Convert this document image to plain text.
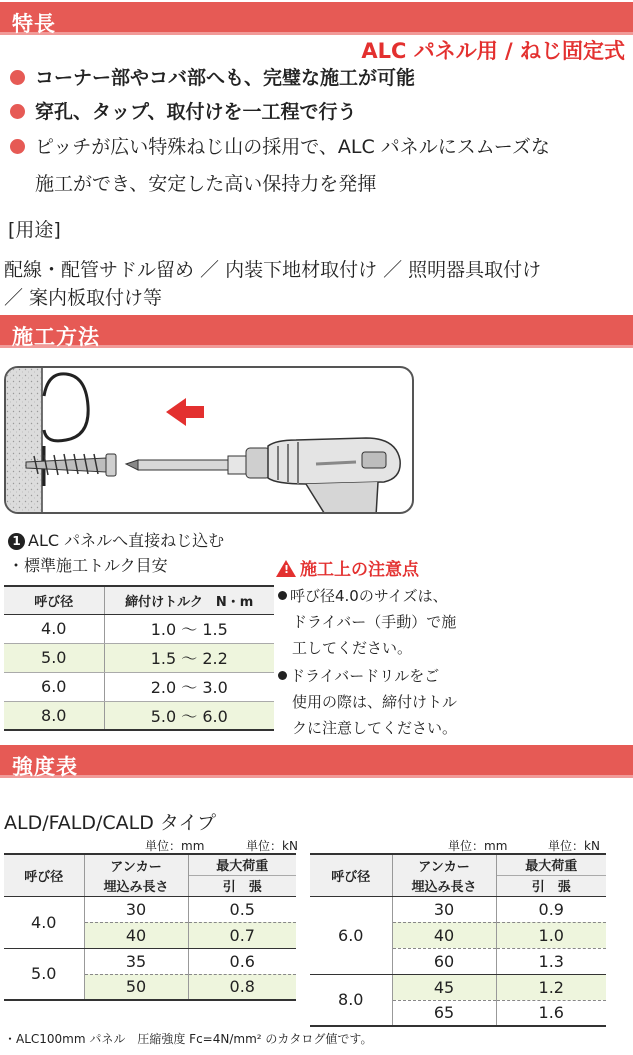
特長
ALC パネル用 / ねじ固定式
コーナー部やコバ部へも、完璧な施工が可能
穿孔、タップ、取付けを一工程で行う
ピッチが広い特殊ねじ山の採用で、ALC パネルにスムーズな
施工ができ、安定した高い保持力を発揮
[用途]
配線・配管サドル留め ／ 内装下地材取付け ／ 照明器具取付け
／ 案内板取付け等
施工方法
1 ALC パネルへ直接ねじ込む
・標準施工トルク目安
呼び径	締付けトルク　N・m
4.0	1.0 ～ 1.5
5.0	1.5 ～ 2.2
6.0	2.0 ～ 3.0
8.0	5.0 ～ 6.0
! 施工上の注意点
呼び径4.0のサイズは、
ドライバー（手動）で施
工してください。
ドライバードリルをご
使用の際は、締付けトル
クに注意してください。
強度表
ALD/FALD/CALD タイプ
単位：mm	単位：kN	単位：mm	単位：kN
呼び径	アンカー	最大荷重
	埋込み長さ	引　張
4.0	30	0.5
	40	0.7
5.0	35	0.6
	50	0.8
呼び径	アンカー	最大荷重
	埋込み長さ	引　張
6.0	30	0.9
	40	1.0
	60	1.3
8.0	45	1.2
	65	1.6
・ALC100mm パネル　圧縮強度 Fc=4N/mm² のカタログ値です。
